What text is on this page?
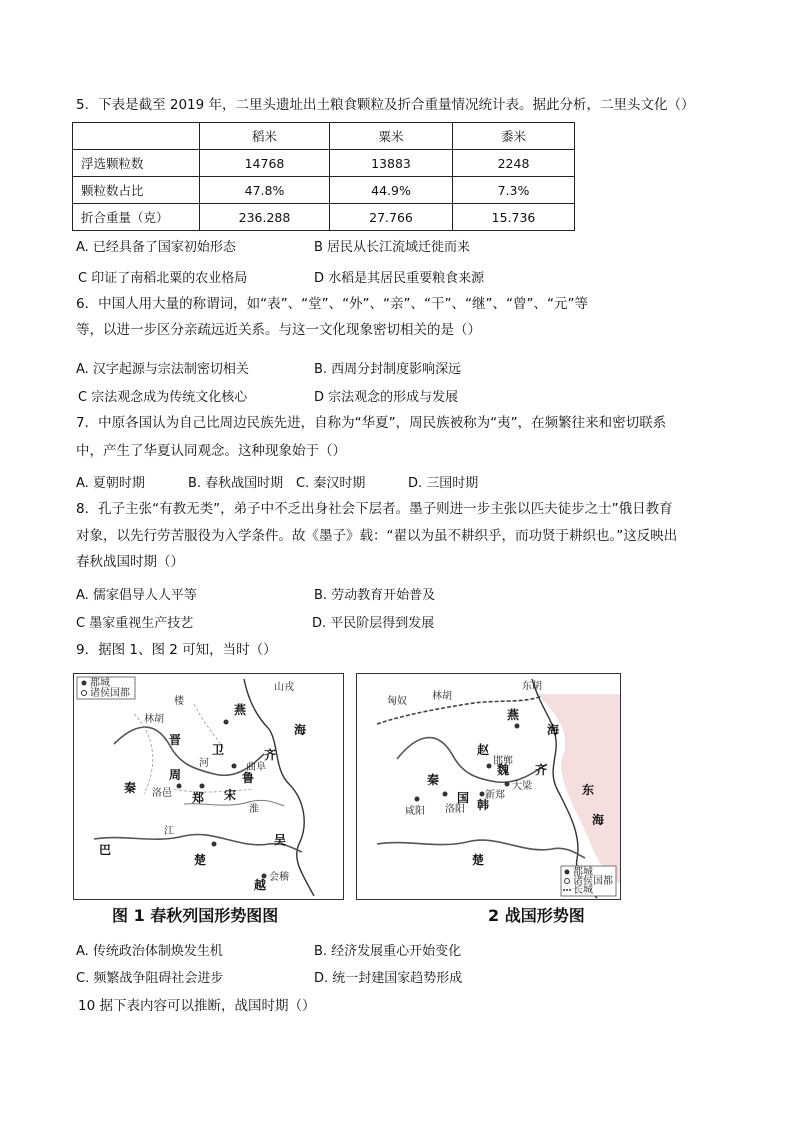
5．下表是截至 2019 年，二里头遗址出土粮食颗粒及折合重量情况统计表。据此分析，二里头文化（）
	稻米	粟米	黍米
浮选颗粒数	14768	13883	2248
颗粒数占比	47.8%	44.9%	7.3%
折合重量（克）	236.288	27.766	15.736
A. 已经具备了国家初始形态	B 居民从长江流域迁徙而来
C 印证了南稻北粟的农业格局	D 水稻是其居民重要粮食来源
6．中国人用大量的称谓词，如“表”、“堂”、“外”、“亲”、“干”、“继”、“曾”、“元”等
等，以进一步区分亲疏远近关系。与这一文化现象密切相关的是（）
A. 汉字起源与宗法制密切相关	B. 西周分封制度影响深远
C 宗法观念成为传统文化核心	D 宗法观念的形成与发展
7．中原各国认为自己比周边民族先进，自称为“华夏”，周民族被称为“夷”，在频繁往来和密切联系
中，产生了华夏认同观念。这种现象始于（）
A. 夏朝时期	B. 春秋战国时期 C. 秦汉时期	D. 三国时期
8．孔子主张“有教无类”，弟子中不乏出身社会下层者。墨子则进一步主张以匹夫徒步之士”俄日教育
对象，以先行劳苦服役为入学条件。故《墨子》载：“翟以为虽不耕织乎，而功贤于耕织也。”这反映出
春秋战国时期（）
A. 儒家倡导人人平等	B. 劳动教育开始普及
C 墨家重视生产技艺	D. 平民阶层得到发展
9．据图 1、图 2 可知，当时（）
都城
诸侯国都
山戎
林胡
楼
燕
晋
齐
鲁
宋
郑
卫
秦
周
楚
吴
越
巴
海
洛邑
曲阜
会稽
江
淮
河
都城
诸侯国都
长城
东胡
林胡
匈奴
燕
赵
魏
韩
秦
楚
齐
东
海
海
洛阳
咸阳
邯郸
大梁
新郑
国
图 1 春秋列国形势图图	2 战国形势图
A. 传统政治体制焕发生机	B. 经济发展重心开始变化
C. 频繁战争阻碍社会进步	D. 统一封建国家趋势形成
10 据下表内容可以推断，战国时期（）
